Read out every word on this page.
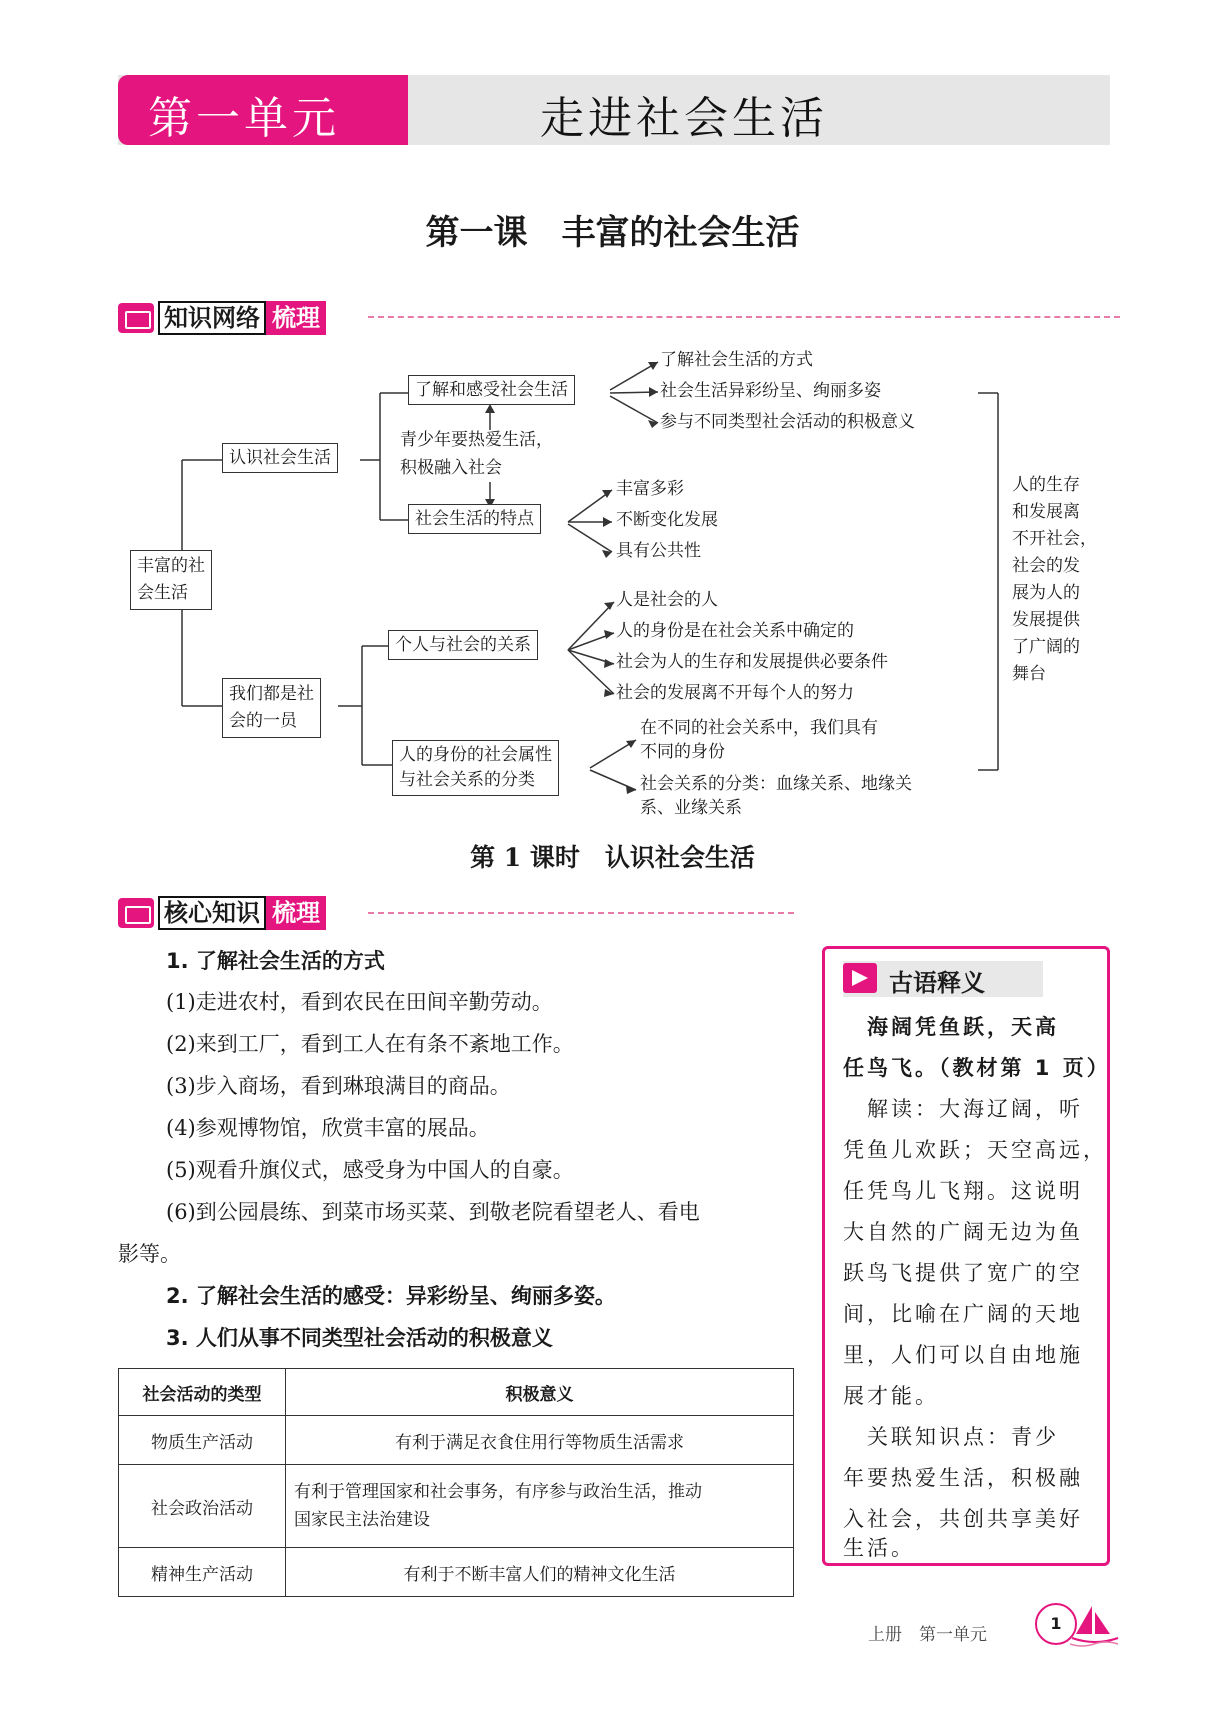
第一单元	走进社会生活
第一课　丰富的社会生活
知识网络 梳理
丰富的社
会生活
认识社会生活
了解和感受社会生活
青少年要热爱生活，
积极融入社会
社会生活的特点
了解社会生活的方式
社会生活异彩纷呈、绚丽多姿
参与不同类型社会活动的积极意义
丰富多彩
不断变化发展
具有公共性
我们都是社
会的一员
个人与社会的关系
人的身份的社会属性
与社会关系的分类
人是社会的人
人的身份是在社会关系中确定的
社会为人的生存和发展提供必要条件
社会的发展离不开每个人的努力
在不同的社会关系中，我们具有
不同的身份
社会关系的分类：血缘关系、地缘关
系、业缘关系
人的生存
和发展离
不开社会，
社会的发
展为人的
发展提供
了广阔的
舞台
第 1 课时　认识社会生活
核心知识 梳理
1. 了解社会生活的方式
(1)走进农村，看到农民在田间辛勤劳动。
(2)来到工厂，看到工人在有条不紊地工作。
(3)步入商场，看到琳琅满目的商品。
(4)参观博物馆，欣赏丰富的展品。
(5)观看升旗仪式，感受身为中国人的自豪。
(6)到公园晨练、到菜市场买菜、到敬老院看望老人、看电
影等。
2. 了解社会生活的感受：异彩纷呈、绚丽多姿。
3. 人们从事不同类型社会活动的积极意义
社会活动的类型	积极意义
物质生产活动	有利于满足衣食住用行等物质生活需求
社会政治活动	有利于管理国家和社会事务，有序参与政治生活，推动
国家民主法治建设
精神生产活动	有利于不断丰富人们的精神文化生活
古语释义
　海阔凭鱼跃，天高
任鸟飞。（教材第 1 页）
　解读：大海辽阔，听
凭鱼儿欢跃；天空高远，
任凭鸟儿飞翔。这说明
大自然的广阔无边为鱼
跃鸟飞提供了宽广的空
间，比喻在广阔的天地
里，人们可以自由地施
展才能。
　关联知识点：青少
年要热爱生活，积极融
入社会，共创共享美好
生活。
上册　第一单元
1
